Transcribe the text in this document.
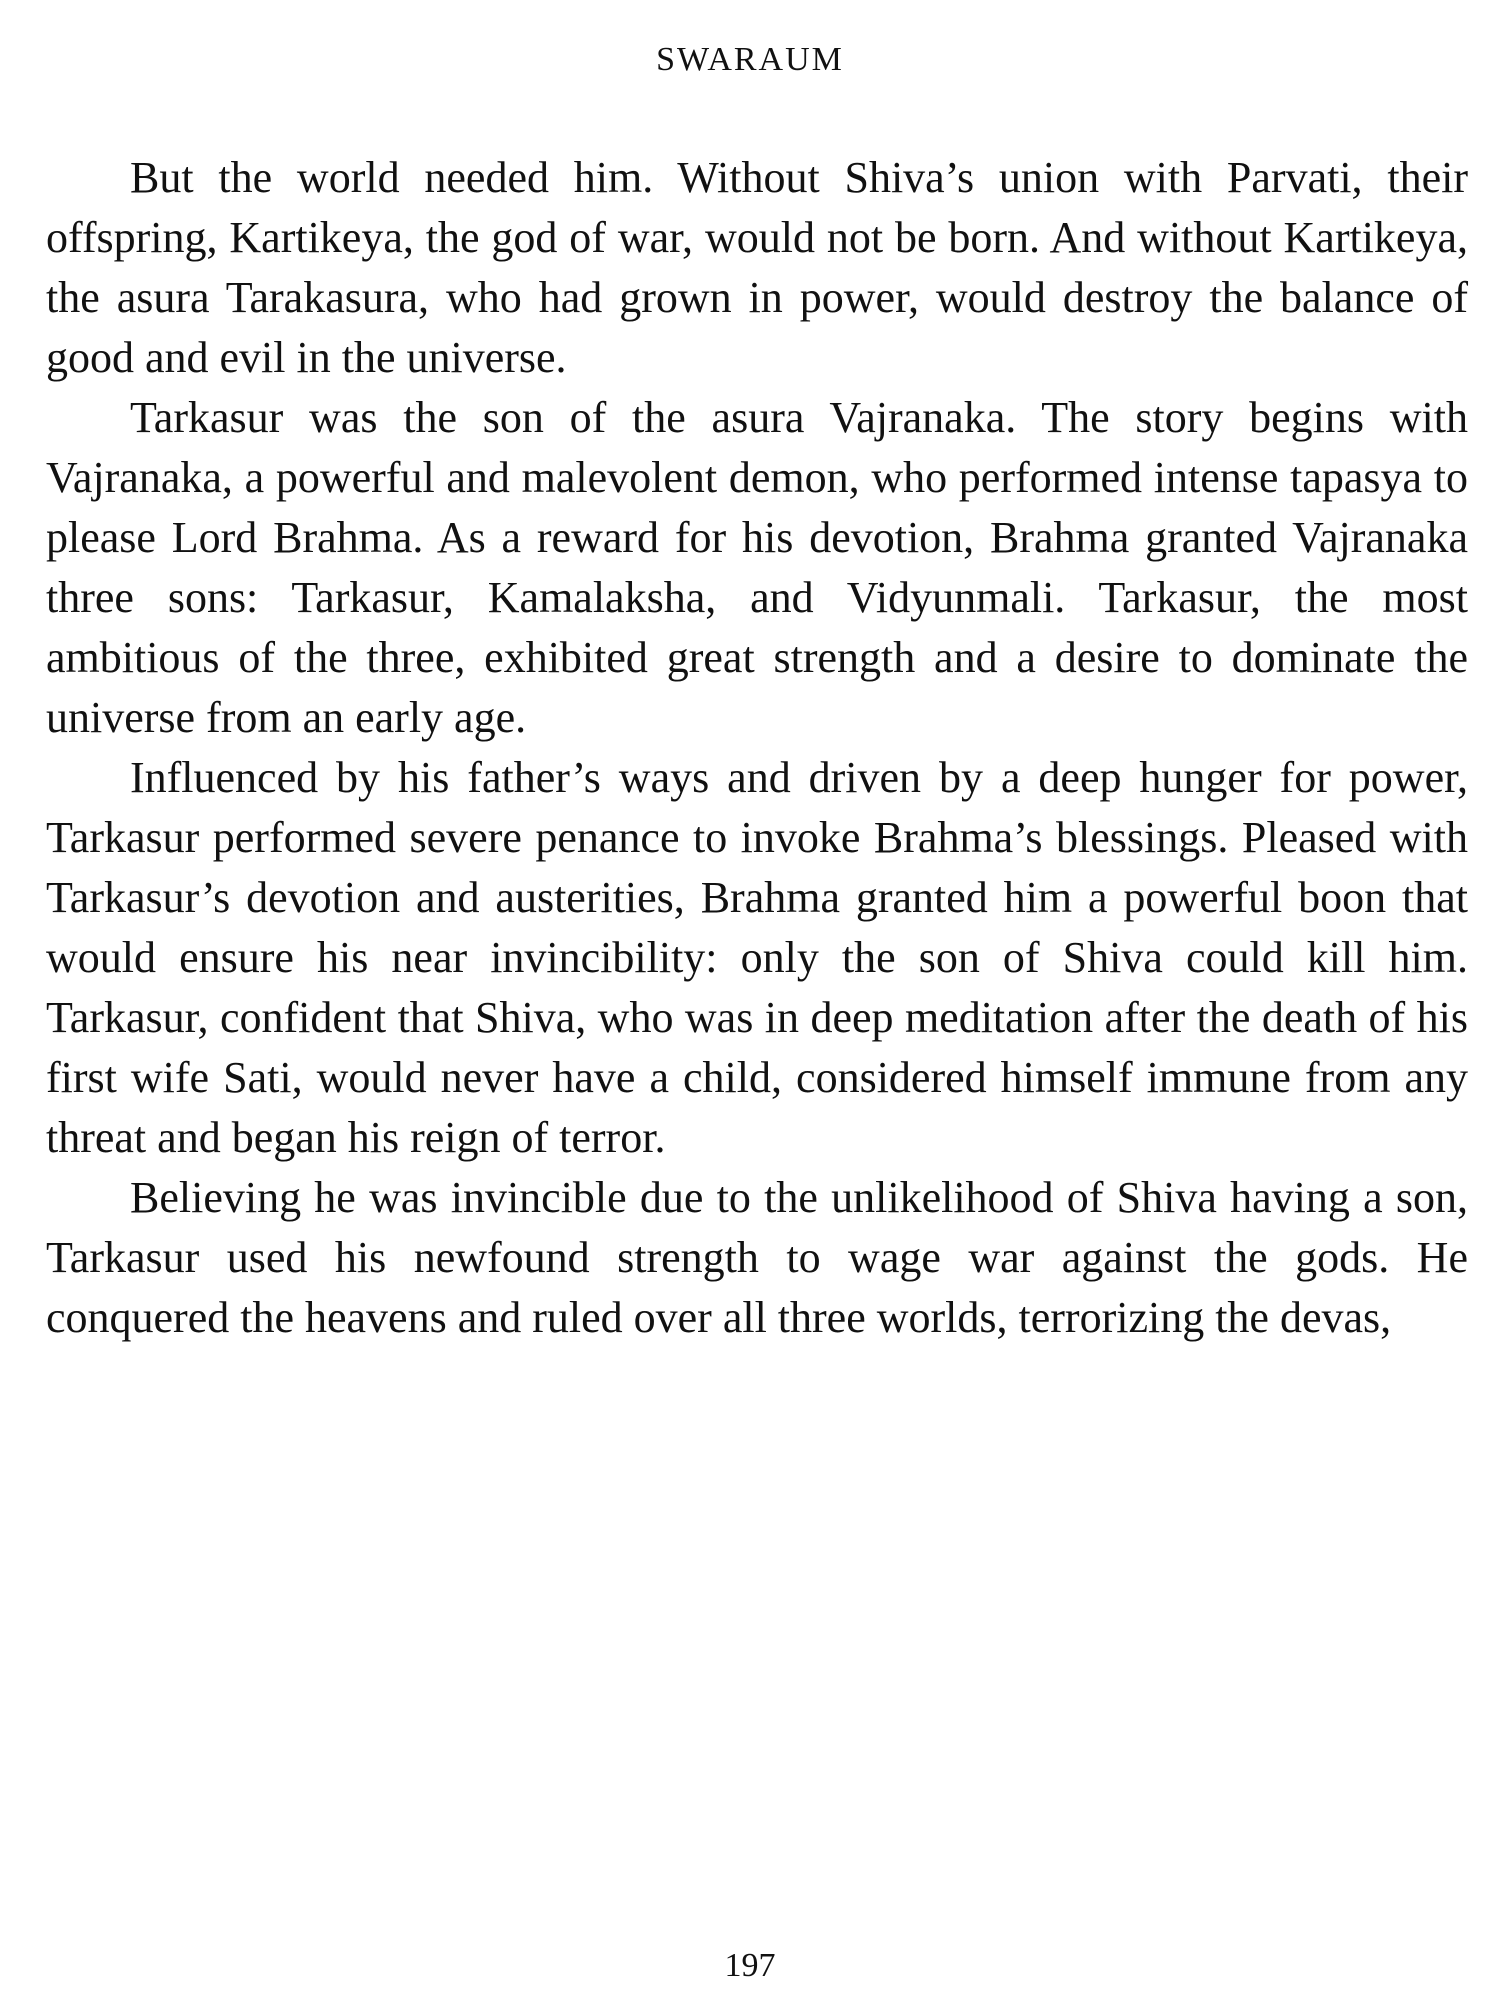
SWARAUM

But the world needed him. Without Shiva’s union with Parvati, their offspring, Kartikeya, the god of war, would not be born. And without Kartikeya, the asura Tarakasura, who had grown in power, would destroy the balance of good and evil in the universe.

Tarkasur was the son of the asura Vajranaka. The story begins with Vajranaka, a powerful and malevolent demon, who performed intense tapasya to please Lord Brahma. As a reward for his devotion, Brahma granted Vajranaka three sons: Tarkasur, Kamalaksha, and Vidyunmali. Tarkasur, the most ambitious of the three, exhibited great strength and a desire to dominate the universe from an early age.

Influenced by his father’s ways and driven by a deep hunger for power, Tarkasur performed severe penance to invoke Brahma’s blessings. Pleased with Tarkasur’s devotion and austerities, Brahma granted him a powerful boon that would ensure his near invincibility: only the son of Shiva could kill him. Tarkasur, confident that Shiva, who was in deep meditation after the death of his first wife Sati, would never have a child, considered himself immune from any threat and began his reign of terror.

Believing he was invincible due to the unlikelihood of Shiva having a son, Tarkasur used his newfound strength to wage war against the gods. He conquered the heavens and ruled over all three worlds, terrorizing the devas,

197
